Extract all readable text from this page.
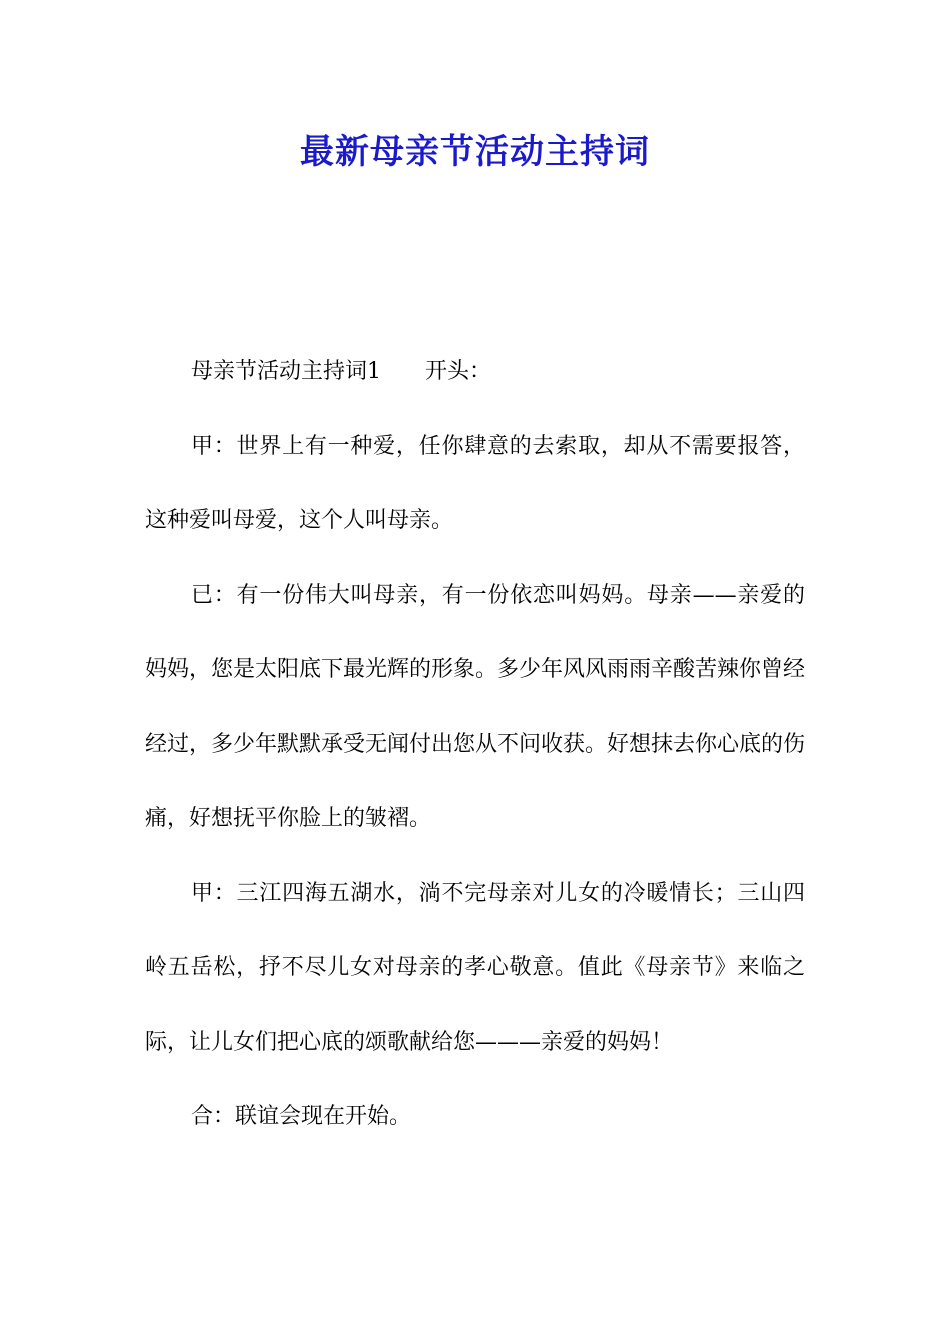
最新母亲节活动主持词

母亲节活动主持词1 开头：

甲：世界上有一种爱，任你肆意的去索取，却从不需要报答，这种爱叫母爱，这个人叫母亲。

已：有一份伟大叫母亲，有一份依恋叫妈妈。母亲——亲爱的妈妈，您是太阳底下最光辉的形象。多少年风风雨雨辛酸苦辣你曾经经过，多少年默默承受无闻付出您从不问收获。好想抹去你心底的伤痛，好想抚平你脸上的皱褶。

甲：三江四海五湖水，淌不完母亲对儿女的冷暖情长；三山四岭五岳松，抒不尽儿女对母亲的孝心敬意。值此《母亲节》来临之际，让儿女们把心底的颂歌献给您———亲爱的妈妈！

合：联谊会现在开始。
